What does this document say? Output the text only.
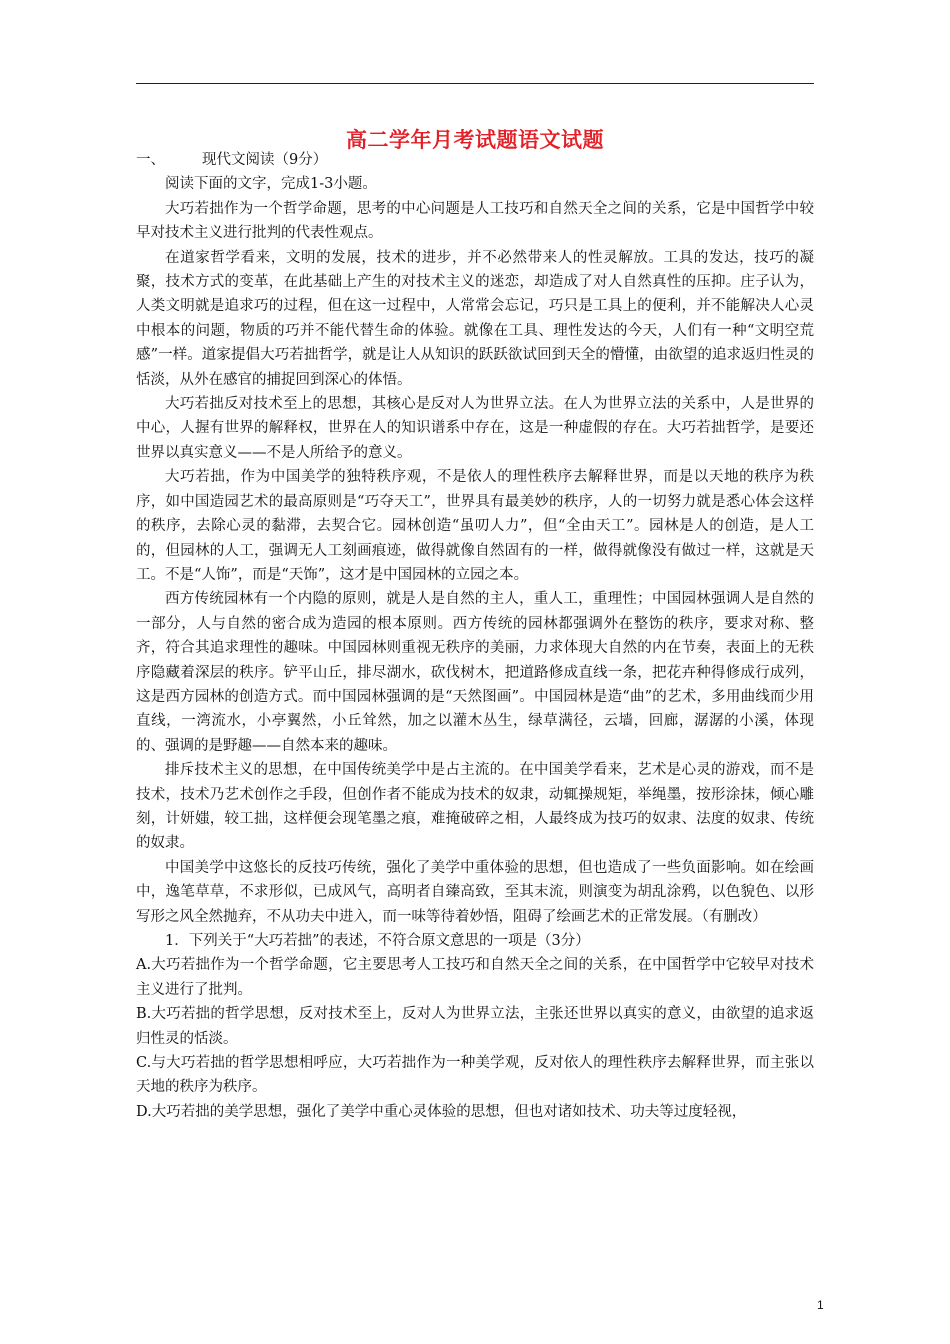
高二学年月考试题语文试题
一、	现代文阅读（9分）

阅读下面的文字，完成1-3小题。

大巧若拙作为一个哲学命题，思考的中心问题是人工技巧和自然天全之间的关系，它是中国哲学中较早对技术主义进行批判的代表性观点。

在道家哲学看来，文明的发展，技术的进步，并不必然带来人的性灵解放。工具的发达，技巧的凝聚，技术方式的变革，在此基础上产生的对技术主义的迷恋，却造成了对人自然真性的压抑。庄子认为，人类文明就是追求巧的过程，但在这一过程中，人常常会忘记，巧只是工具上的便利，并不能解决人心灵中根本的问题，物质的巧并不能代替生命的体验。就像在工具、理性发达的今天，人们有一种“文明空荒感”一样。道家提倡大巧若拙哲学，就是让人从知识的跃跃欲试回到天全的懵懂，由欲望的追求返归性灵的恬淡，从外在感官的捕捉回到深心的体悟。

大巧若拙反对技术至上的思想，其核心是反对人为世界立法。在人为世界立法的关系中，人是世界的中心，人握有世界的解释权，世界在人的知识谱系中存在，这是一种虚假的存在。大巧若拙哲学，是要还世界以真实意义——不是人所给予的意义。

大巧若拙，作为中国美学的独特秩序观，不是依人的理性秩序去解释世界，而是以天地的秩序为秩序，如中国造园艺术的最高原则是“巧夺天工”，世界具有最美妙的秩序，人的一切努力就是悉心体会这样的秩序，去除心灵的黏滞，去契合它。园林创造“虽叨人力”，但“全由天工”。园林是人的创造，是人工的，但园林的人工，强调无人工刻画痕迹，做得就像自然固有的一样，做得就像没有做过一样，这就是天工。不是“人饰”，而是“天饰”，这才是中国园林的立园之本。

西方传统园林有一个内隐的原则，就是人是自然的主人，重人工，重理性；中国园林强调人是自然的一部分，人与自然的密合成为造园的根本原则。西方传统的园林都强调外在整饬的秩序，要求对称、整齐，符合其追求理性的趣味。中国园林则重视无秩序的美丽，力求体现大自然的内在节奏，表面上的无秩序隐藏着深层的秩序。铲平山丘，排尽湖水，砍伐树木，把道路修成直线一条，把花卉种得修成行成列，这是西方园林的创造方式。而中国园林强调的是“天然图画”。中国园林是造“曲”的艺术，多用曲线而少用直线，一湾流水，小亭翼然，小丘耸然，加之以灌木丛生，绿草满径，云墙，回廊，潺潺的小溪，体现的、强调的是野趣——自然本来的趣味。

排斥技术主义的思想，在中国传统美学中是占主流的。在中国美学看来，艺术是心灵的游戏，而不是技术，技术乃艺术创作之手段，但创作者不能成为技术的奴隶，动辄操规矩，举绳墨，按形涂抹，倾心雕刻，计妍媸，较工拙，这样便会现笔墨之痕，难掩破碎之相，人最终成为技巧的奴隶、法度的奴隶、传统的奴隶。

中国美学中这悠长的反技巧传统，强化了美学中重体验的思想，但也造成了一些负面影响。如在绘画中，逸笔草草，不求形似，已成风气，高明者自臻高致，至其末流，则演变为胡乱涂鸦，以色貌色、以形写形之风全然抛弃，不从功夫中进入，而一味等待着妙悟，阻碍了绘画艺术的正常发展。（有删改）

1．下列关于“大巧若拙”的表述，不符合原文意思的一项是（3分）

A.大巧若拙作为一个哲学命题，它主要思考人工技巧和自然天全之间的关系，在中国哲学中它较早对技术主义进行了批判。

B.大巧若拙的哲学思想，反对技术至上，反对人为世界立法，主张还世界以真实的意义，由欲望的追求返归性灵的恬淡。

C.与大巧若拙的哲学思想相呼应，大巧若拙作为一种美学观，反对依人的理性秩序去解释世界，而主张以天地的秩序为秩序。

D.大巧若拙的美学思想，强化了美学中重心灵体验的思想，但也对诸如技术、功夫等过度轻视，

1
